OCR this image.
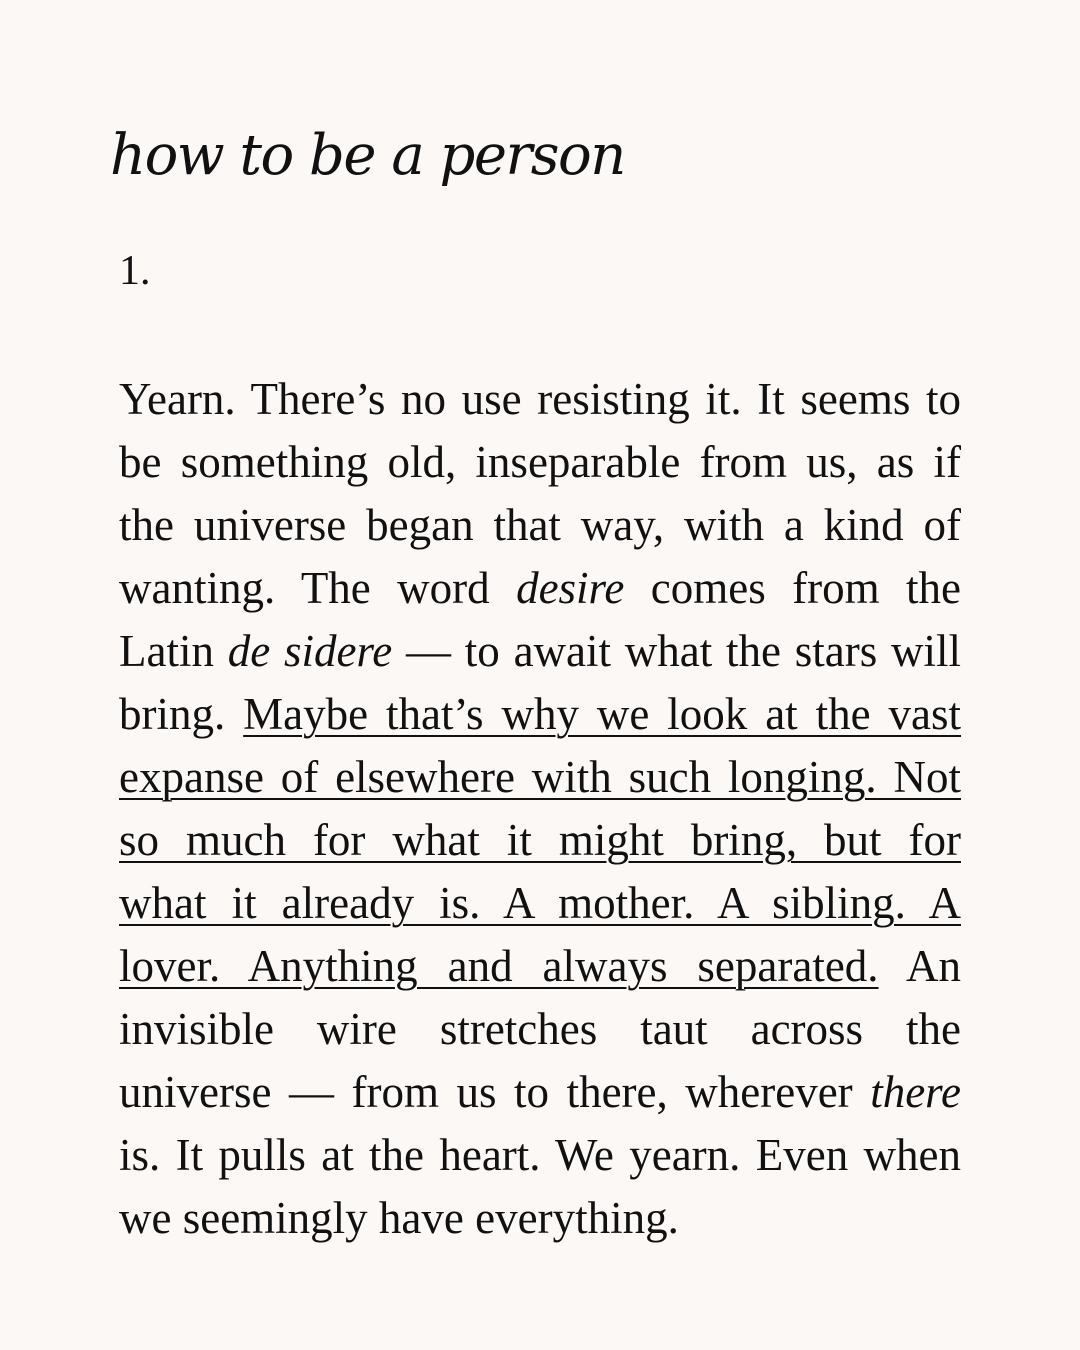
how to be a person
1.
Yearn. There’s no use resisting it. It seems to
be something old, inseparable from us, as if
the universe began that way, with a kind of
wanting. The word desire comes from the
Latin de sidere — to await what the stars will
bring. Maybe that’s why we look at the vast
expanse of elsewhere with such longing. Not
so much for what it might bring, but for
what it already is. A mother. A sibling. A
lover. Anything and always separated. An
invisible wire stretches taut across the
universe — from us to there, wherever there
is. It pulls at the heart. We yearn. Even when
we seemingly have everything.
